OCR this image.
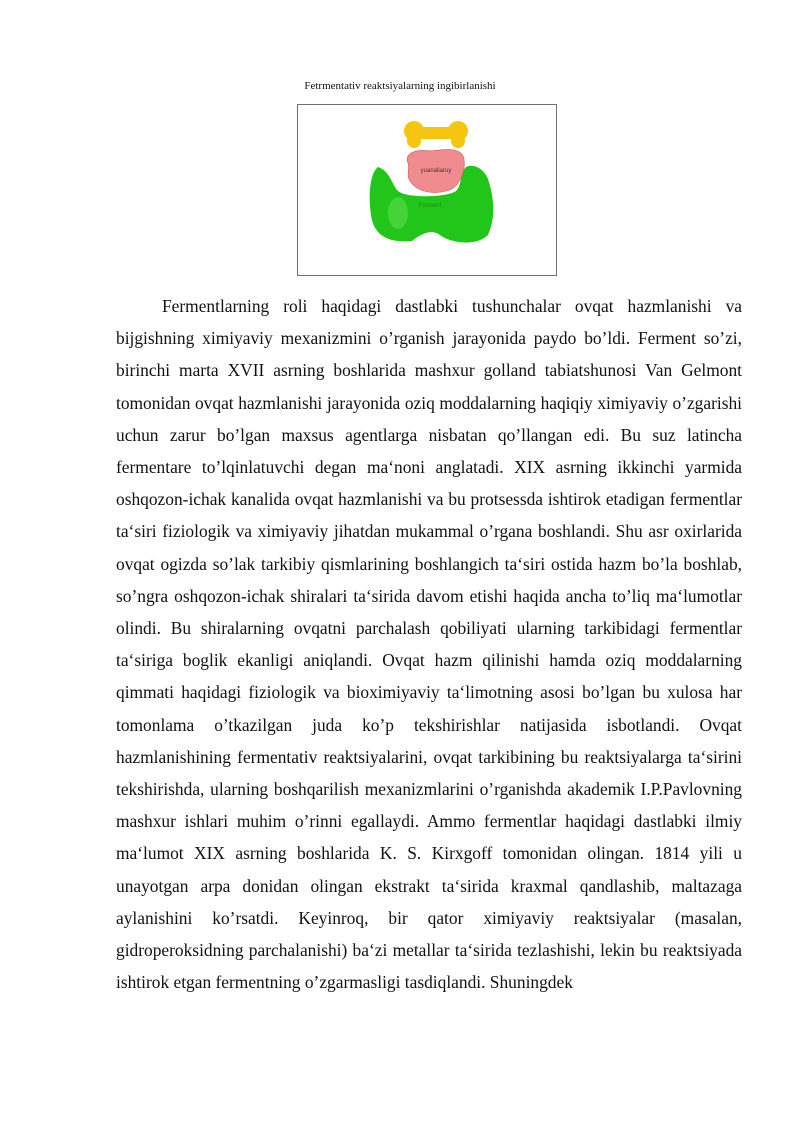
Fetrmentativ reaktsiyalarning ingibirlanishi
Ferment
yuanaliaruy

Fermentlarning roli haqidagi dastlabki tushunchalar ovqat hazmlanishi va bijgishning ximiyaviy mexanizmini o’rganish jarayonida paydo bo’ldi. Ferment so’zi, birinchi marta XVII asrning boshlarida mashxur golland tabiatshunosi Van Gelmont tomonidan ovqat hazmlanishi jarayonida oziq moddalarning haqiqiy ximiyaviy o’zgarishi uchun zarur bo’lgan maxsus agentlarga nisbatan qo’llangan edi. Bu suz latincha fermentare to’lqinlatuvchi degan ma‘noni anglatadi. XIX asrning ikkinchi yarmida oshqozon-ichak kanalida ovqat hazmlanishi va bu protsessda ishtirok etadigan fermentlar ta‘siri fiziologik va ximiyaviy jihatdan mukammal o’rgana boshlandi. Shu asr oxirlarida ovqat ogizda so’lak tarkibiy qismlarining boshlangich ta‘siri ostida hazm bo’la boshlab, so’ngra oshqozon-ichak shiralari ta‘sirida davom etishi haqida ancha to’liq ma‘lumotlar olindi. Bu shiralarning ovqatni parchalash qobiliyati ularning tarkibidagi fermentlar ta‘siriga boglik ekanligi aniqlandi. Ovqat hazm qilinishi hamda oziq moddalarning qimmati haqidagi fiziologik va bioximiyaviy ta‘limotning asosi bo’lgan bu xulosa har tomonlama o’tkazilgan juda ko’p tekshirishlar natijasida isbotlandi. Ovqat hazmlanishining fermentativ reaktsiyalarini, ovqat tarkibining bu reaktsiyalarga ta‘sirini tekshirishda, ularning boshqarilish mexanizmlarini o’rganishda akademik I.P.Pavlovning mashxur ishlari muhim o’rinni egallaydi. Ammo fermentlar haqidagi dastlabki ilmiy ma‘lumot XIX asrning boshlarida K. S. Kirxgoff tomonidan olingan. 1814 yili u unayotgan arpa donidan olingan ekstrakt ta‘sirida kraxmal qandlashib, maltazaga aylanishini ko’rsatdi. Keyinroq, bir qator ximiyaviy reaktsiyalar (masalan, gidroperoksidning parchalanishi) ba‘zi metallar ta‘sirida tezlashishi, lekin bu reaktsiyada ishtirok etgan fermentning o’zgarmasligi tasdiqlandi. Shuningdek
